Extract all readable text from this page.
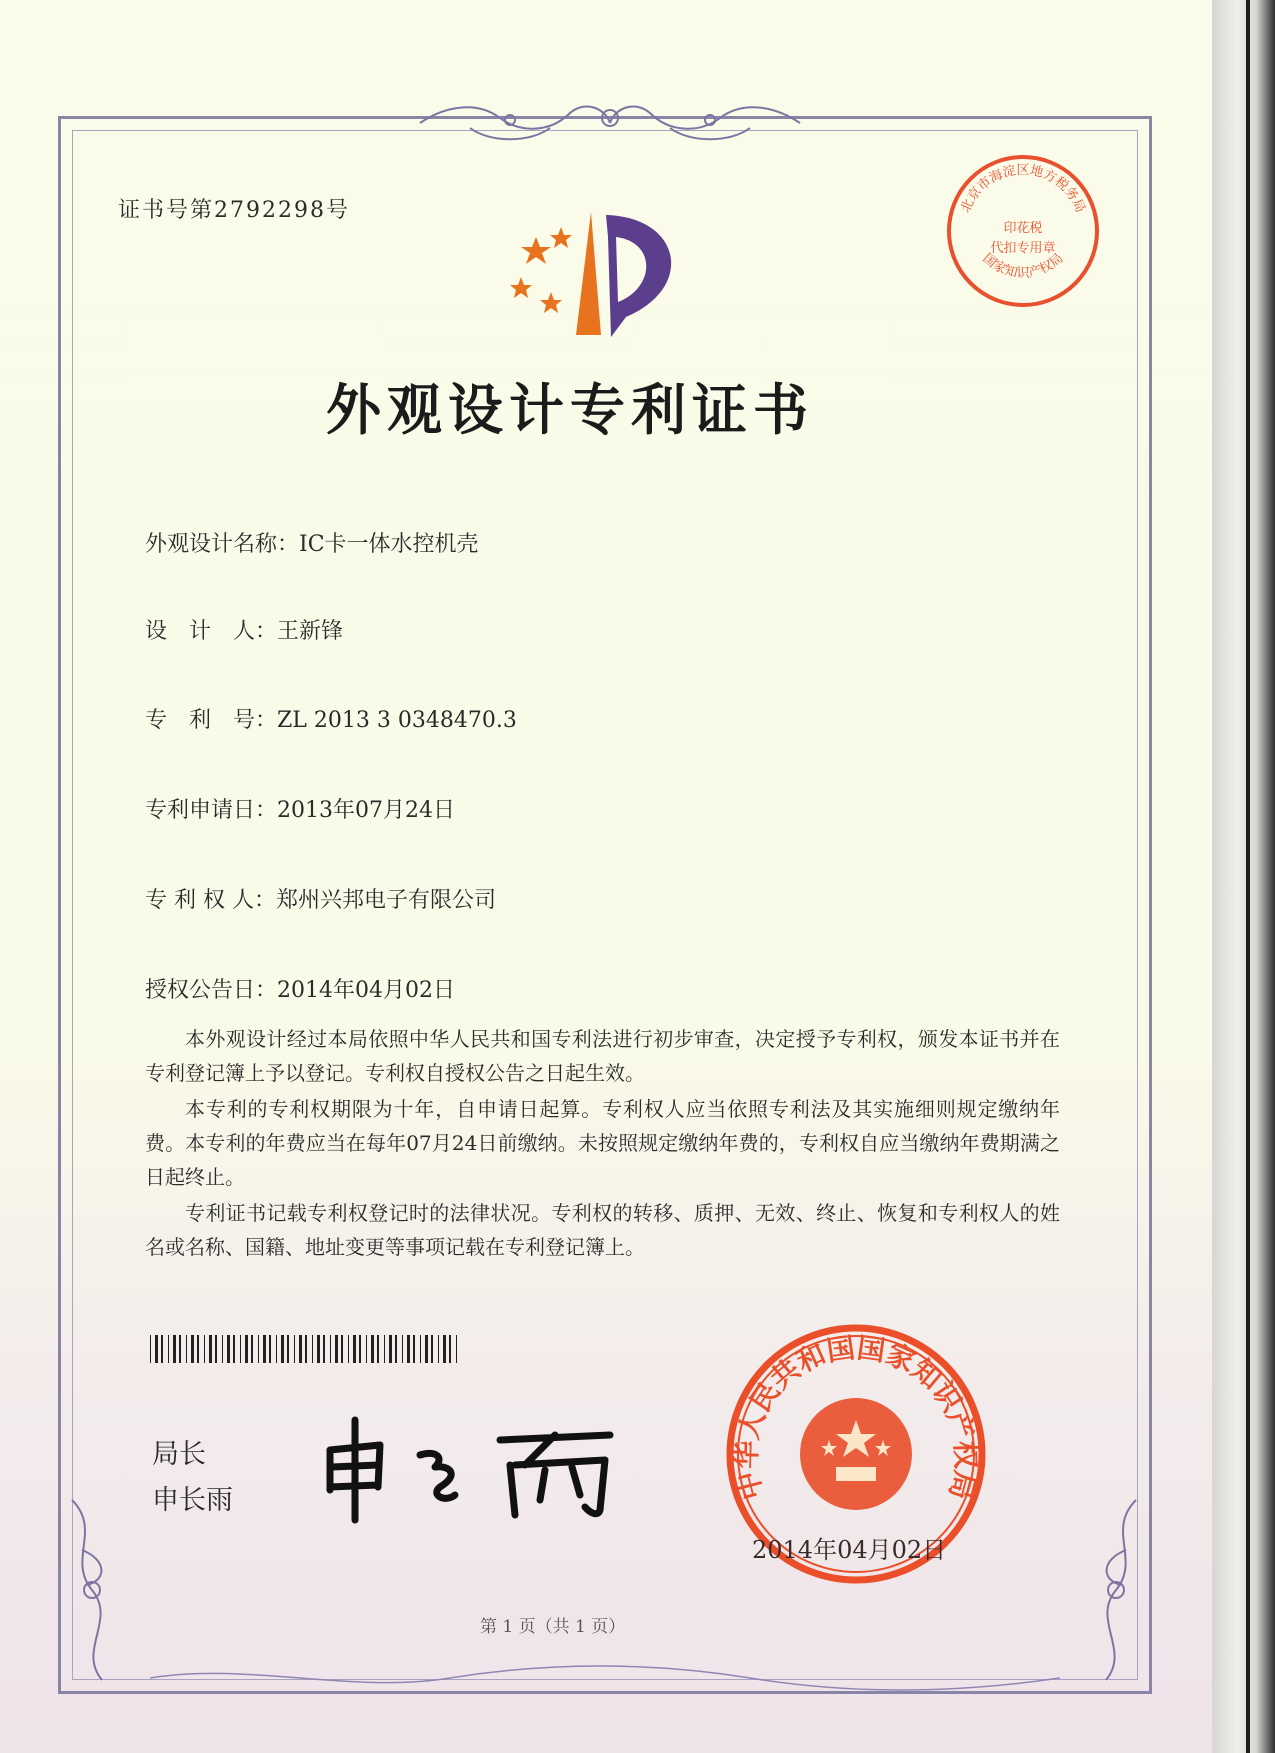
证书号第2792298号
外观设计专利证书
北京市海淀区地方税务局
国家知识产权局
印花税
代扣专用章
外观设计名称：IC卡一体水控机壳
设　计　人：王新锋
专　利　号：ZL 2013 3 0348470.3
专利申请日：2013年07月24日
专 利 权 人：郑州兴邦电子有限公司
授权公告日：2014年04月02日
本外观设计经过本局依照中华人民共和国专利法进行初步审查，决定授予专利权，颁发本证书并在专利登记簿上予以登记。专利权自授权公告之日起生效。
本专利的专利权期限为十年，自申请日起算。专利权人应当依照专利法及其实施细则规定缴纳年费。本专利的年费应当在每年07月24日前缴纳。未按照规定缴纳年费的，专利权自应当缴纳年费期满之日起终止。
专利证书记载专利权登记时的法律状况。专利权的转移、质押、无效、终止、恢复和专利权人的姓名或名称、国籍、地址变更等事项记载在专利登记簿上。
局长
申长雨	中华人民共和国国家知识产权局
2014年04月02日
第 1 页（共 1 页）
